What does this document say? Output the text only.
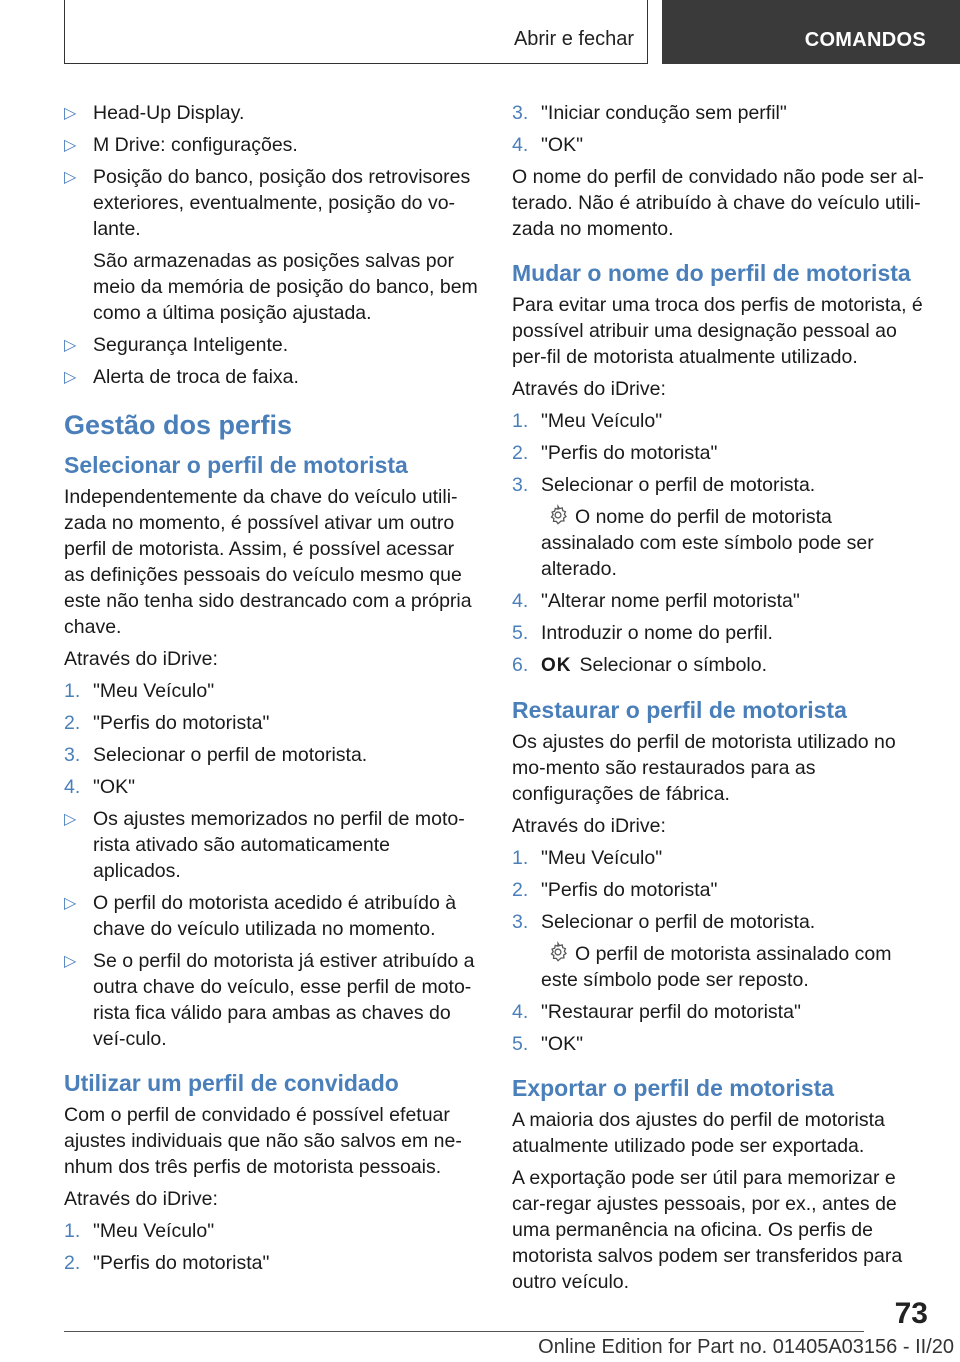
Abrir e fechar	COMANDOS
▷ Head-Up Display.
▷ M Drive: configurações.
▷ Posição do banco, posição dos retrovisores exteriores, eventualmente, posição do vo-lante.
São armazenadas as posições salvas por meio da memória de posição do banco, bem como a última posição ajustada.
▷ Segurança Inteligente.
▷ Alerta de troca de faixa.
Gestão dos perfis
Selecionar o perfil de motorista

Independentemente da chave do veículo utili-zada no momento, é possível ativar um outro perfil de motorista. Assim, é possível acessar as definições pessoais do veículo mesmo que este não tenha sido destrancado com a própria chave.

Através do iDrive:

1. "Meu Veículo"
2. "Perfis do motorista"
3. Selecionar o perfil de motorista.
4. "OK"
▷ Os ajustes memorizados no perfil de moto-rista ativado são automaticamente aplicados.
▷ O perfil do motorista acedido é atribuído à chave do veículo utilizada no momento.
▷ Se o perfil do motorista já estiver atribuído a outra chave do veículo, esse perfil de moto-rista fica válido para ambas as chaves do veí-culo.
Utilizar um perfil de convidado

Com o perfil de convidado é possível efetuar ajustes individuais que não são salvos em ne-nhum dos três perfis de motorista pessoais.

Através do iDrive:

1. "Meu Veículo"
2. "Perfis do motorista"
3. "Iniciar condução sem perfil"
4. "OK"

O nome do perfil de convidado não pode ser al-terado. Não é atribuído à chave do veículo utili-zada no momento.

Mudar o nome do perfil de motorista

Para evitar uma troca dos perfis de motorista, é possível atribuir uma designação pessoal ao per-fil de motorista atualmente utilizado.

Através do iDrive:

1. "Meu Veículo"
2. "Perfis do motorista"
3. Selecionar o perfil de motorista.
O nome do perfil de motorista assinalado com este símbolo pode ser alterado.
4. "Alterar nome perfil motorista"
5. Introduzir o nome do perfil.
6. OK Selecionar o símbolo.
Restaurar o perfil de motorista

Os ajustes do perfil de motorista utilizado no mo-mento são restaurados para as configurações de fábrica.

Através do iDrive:

1. "Meu Veículo"
2. "Perfis do motorista"
3. Selecionar o perfil de motorista.
O perfil de motorista assinalado com este símbolo pode ser reposto.
4. "Restaurar perfil do motorista"
5. "OK"
Exportar o perfil de motorista

A maioria dos ajustes do perfil de motorista atualmente utilizado pode ser exportada.

A exportação pode ser útil para memorizar e car-regar ajustes pessoais, por ex., antes de uma permanência na oficina. Os perfis de motorista salvos podem ser transferidos para outro veículo.

73
Online Edition for Part no. 01405A03156 - II/20
